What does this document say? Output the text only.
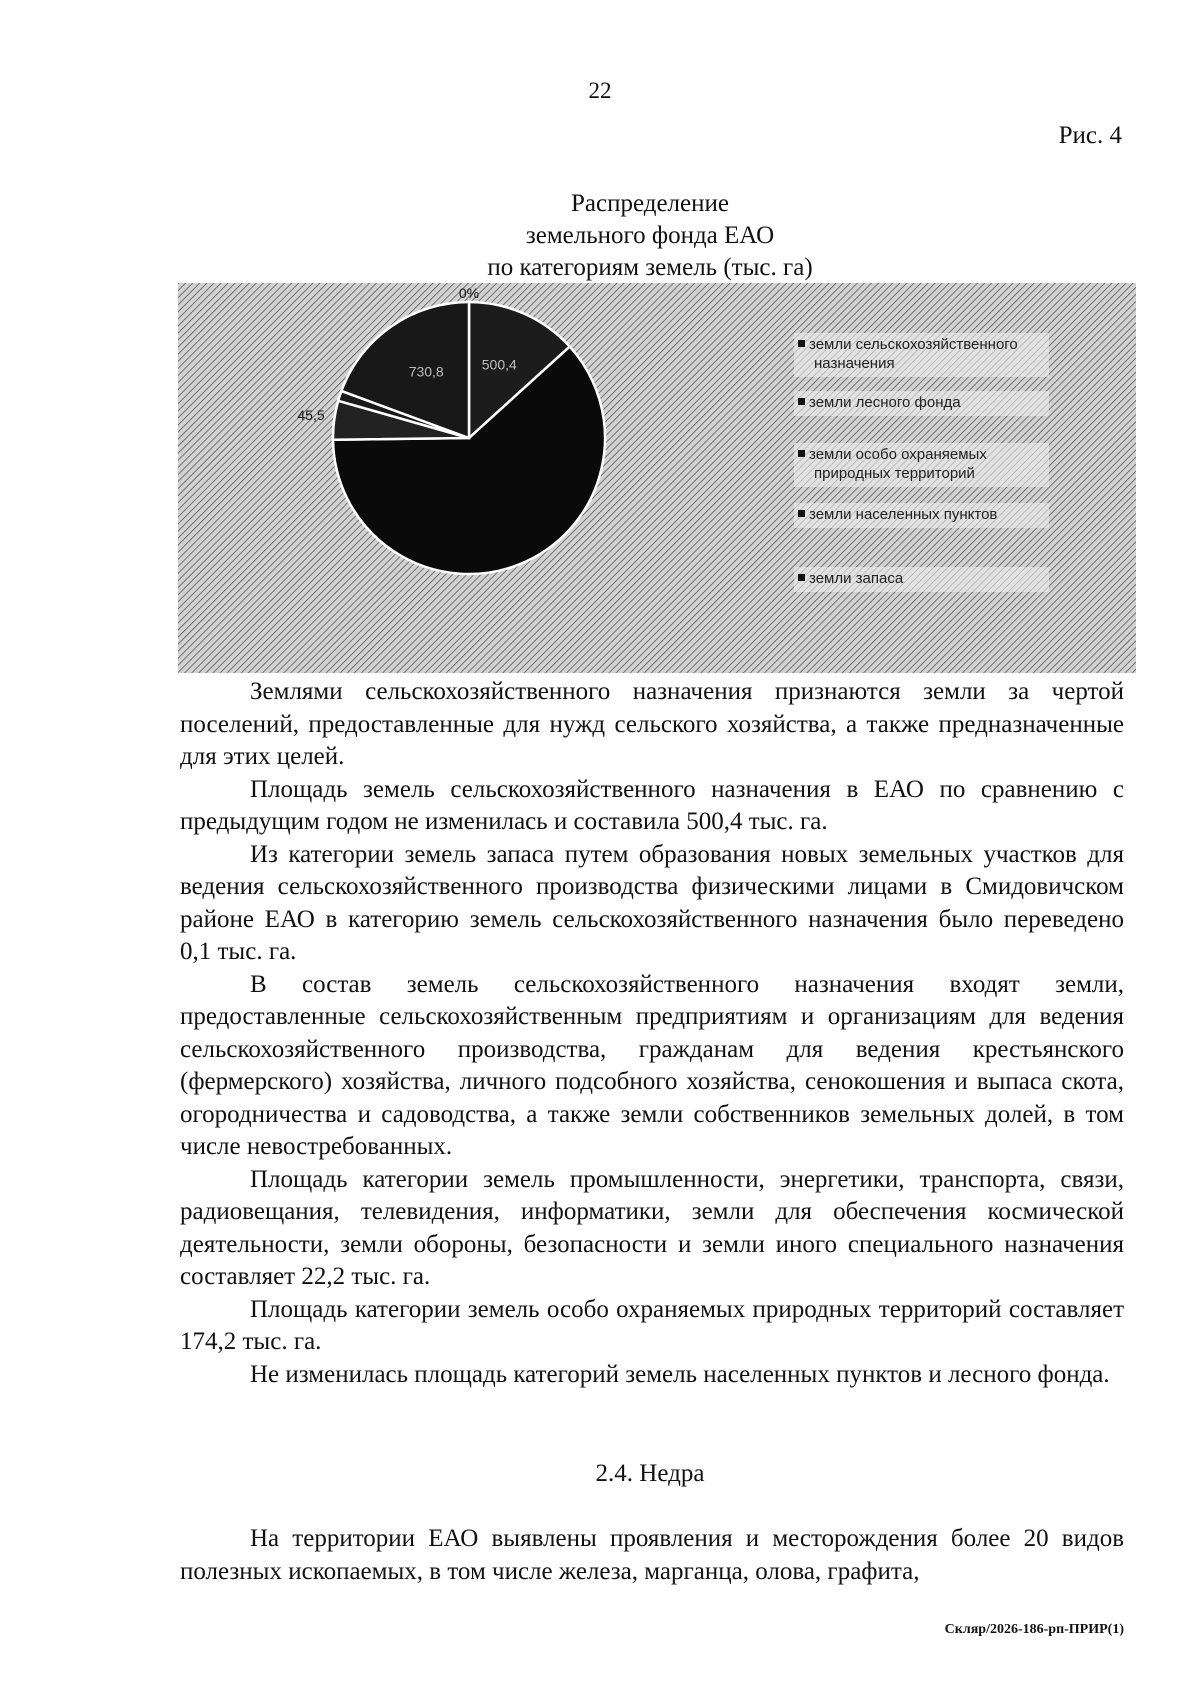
22
Рис. 4
Распределение
земельного фонда ЕАО
по категориям земель (тыс. га)
500,4
45,5
730,8
0%
земли сельскохозяйственного
назначения
земли лесного фонда
земли особо охраняемых
природных территорий
земли населенных пунктов
земли запаса

Землями сельскохозяйственного назначения признаются земли за чертой поселений, предоставленные для нужд сельского хозяйства, а также предназначенные для этих целей.

Площадь земель сельскохозяйственного назначения в ЕАО по сравнению с предыдущим годом не изменилась и составила 500,4 тыс. га.

Из категории земель запаса путем образования новых земельных участков для ведения сельскохозяйственного производства физическими лицами в Смидовичском районе ЕАО в категорию земель сельскохозяйственного назначения было переведено 0,1 тыс. га.

В состав земель сельскохозяйственного назначения входят земли, предоставленные сельскохозяйственным предприятиям и организациям для ведения сельскохозяйственного производства, гражданам для ведения крестьянского (фермерского) хозяйства, личного подсобного хозяйства, сенокошения и выпаса скота, огородничества и садоводства, а также земли собственников земельных долей, в том числе невостребованных.

Площадь категории земель промышленности, энергетики, транспорта, связи, радиовещания, телевидения, информатики, земли для обеспечения космической деятельности, земли обороны, безопасности и земли иного специального назначения составляет 22,2 тыс. га.

Площадь категории земель особо охраняемых природных территорий составляет 174,2 тыс. га.

Не изменилась площадь категорий земель населенных пунктов и лесного фонда.

2.4. Недра

На территории ЕАО выявлены проявления и месторождения более 20 видов полезных ископаемых, в том числе железа, марганца, олова, графита,

Скляр/2026-186-рп-ПРИР(1)
